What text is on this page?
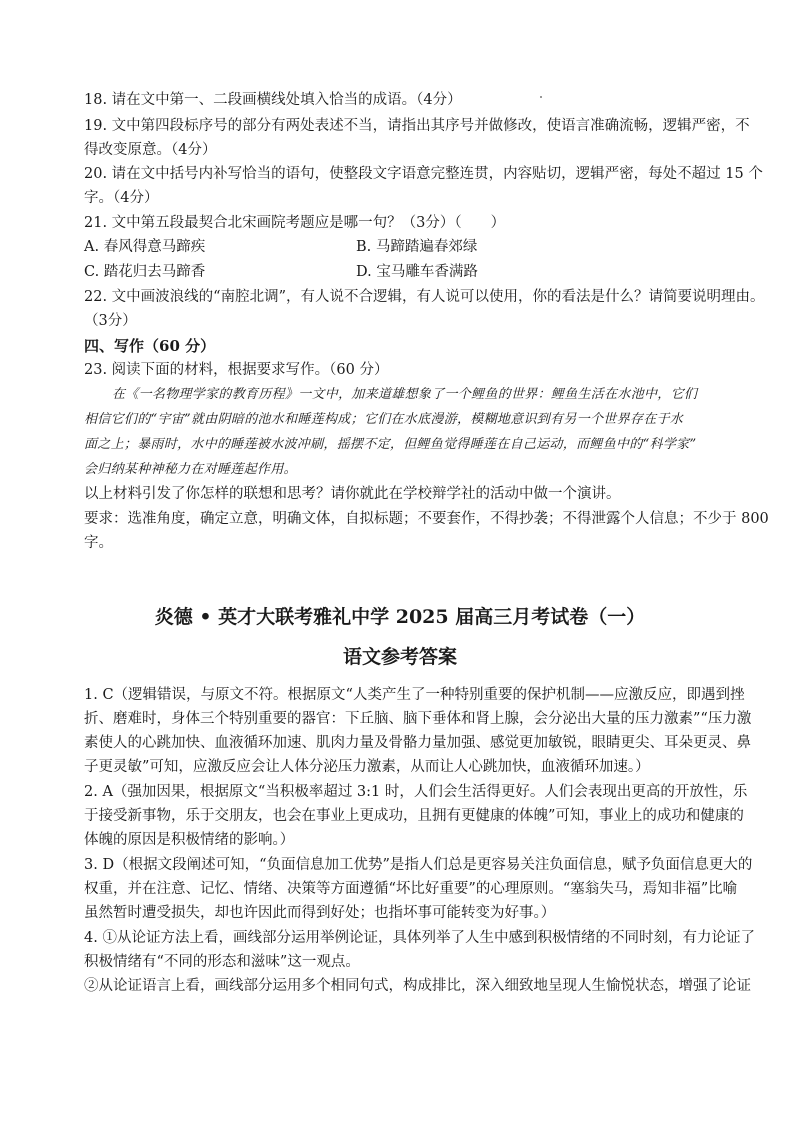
18. 请在文中第一、二段画横线处填入恰当的成语。（4分）
19. 文中第四段标序号的部分有两处表述不当，请指出其序号并做修改，使语言准确流畅，逻辑严密，不
得改变原意。（4分）
20. 请在文中括号内补写恰当的语句，使整段文字语意完整连贯，内容贴切，逻辑严密，每处不超过 15 个
字。（4分）
21. 文中第五段最契合北宋画院考题应是哪一句？（3分）（　　）
A. 春风得意马蹄疾	B. 马蹄踏遍春郊绿
C. 踏花归去马蹄香	D. 宝马雕车香满路
22. 文中画波浪线的“南腔北调”，有人说不合逻辑，有人说可以使用，你的看法是什么？请简要说明理由。
（3分）
四、写作（60 分）
23. 阅读下面的材料，根据要求写作。（60 分）
在《一名物理学家的教育历程》一文中，加来道雄想象了一个鲤鱼的世界：鲤鱼生活在水池中，它们
相信它们的“宇宙”就由阴暗的池水和睡莲构成；它们在水底漫游，模糊地意识到有另一个世界存在于水
面之上；暴雨时，水中的睡莲被水波冲刷，摇摆不定，但鲤鱼觉得睡莲在自己运动，而鲤鱼中的“科学家”
会归纳某种神秘力在对睡莲起作用。
以上材料引发了你怎样的联想和思考？请你就此在学校辩学社的活动中做一个演讲。
要求：选准角度，确定立意，明确文体，自拟标题；不要套作，不得抄袭；不得泄露个人信息；不少于 800
字。
炎德 • 英才大联考雅礼中学 2025 届高三月考试卷（一）
语文参考答案
1. C（逻辑错误，与原文不符。根据原文“人类产生了一种特别重要的保护机制——应激反应，即遇到挫
折、磨难时，身体三个特别重要的器官：下丘脑、脑下垂体和肾上腺，会分泌出大量的压力激素”“压力激
素使人的心跳加快、血液循环加速、肌肉力量及骨骼力量加强、感觉更加敏锐，眼睛更尖、耳朵更灵、鼻
子更灵敏”可知，应激反应会让人体分泌压力激素，从而让人心跳加快，血液循环加速。）
2. A（强加因果，根据原文“当积极率超过 3:1 时，人们会生活得更好。人们会表现出更高的开放性，乐
于接受新事物，乐于交朋友，也会在事业上更成功，且拥有更健康的体魄”可知，事业上的成功和健康的
体魄的原因是积极情绪的影响。）
3. D（根据文段阐述可知，“负面信息加工优势”是指人们总是更容易关注负面信息，赋予负面信息更大的
权重，并在注意、记忆、情绪、决策等方面遵循“坏比好重要”的心理原则。“塞翁失马，焉知非福”比喻
虽然暂时遭受损失，却也许因此而得到好处；也指坏事可能转变为好事。）
4. ①从论证方法上看，画线部分运用举例论证，具体列举了人生中感到积极情绪的不同时刻，有力论证了
积极情绪有“不同的形态和滋味”这一观点。
②从论证语言上看，画线部分运用多个相同句式，构成排比，深入细致地呈现人生愉悦状态，增强了论证
